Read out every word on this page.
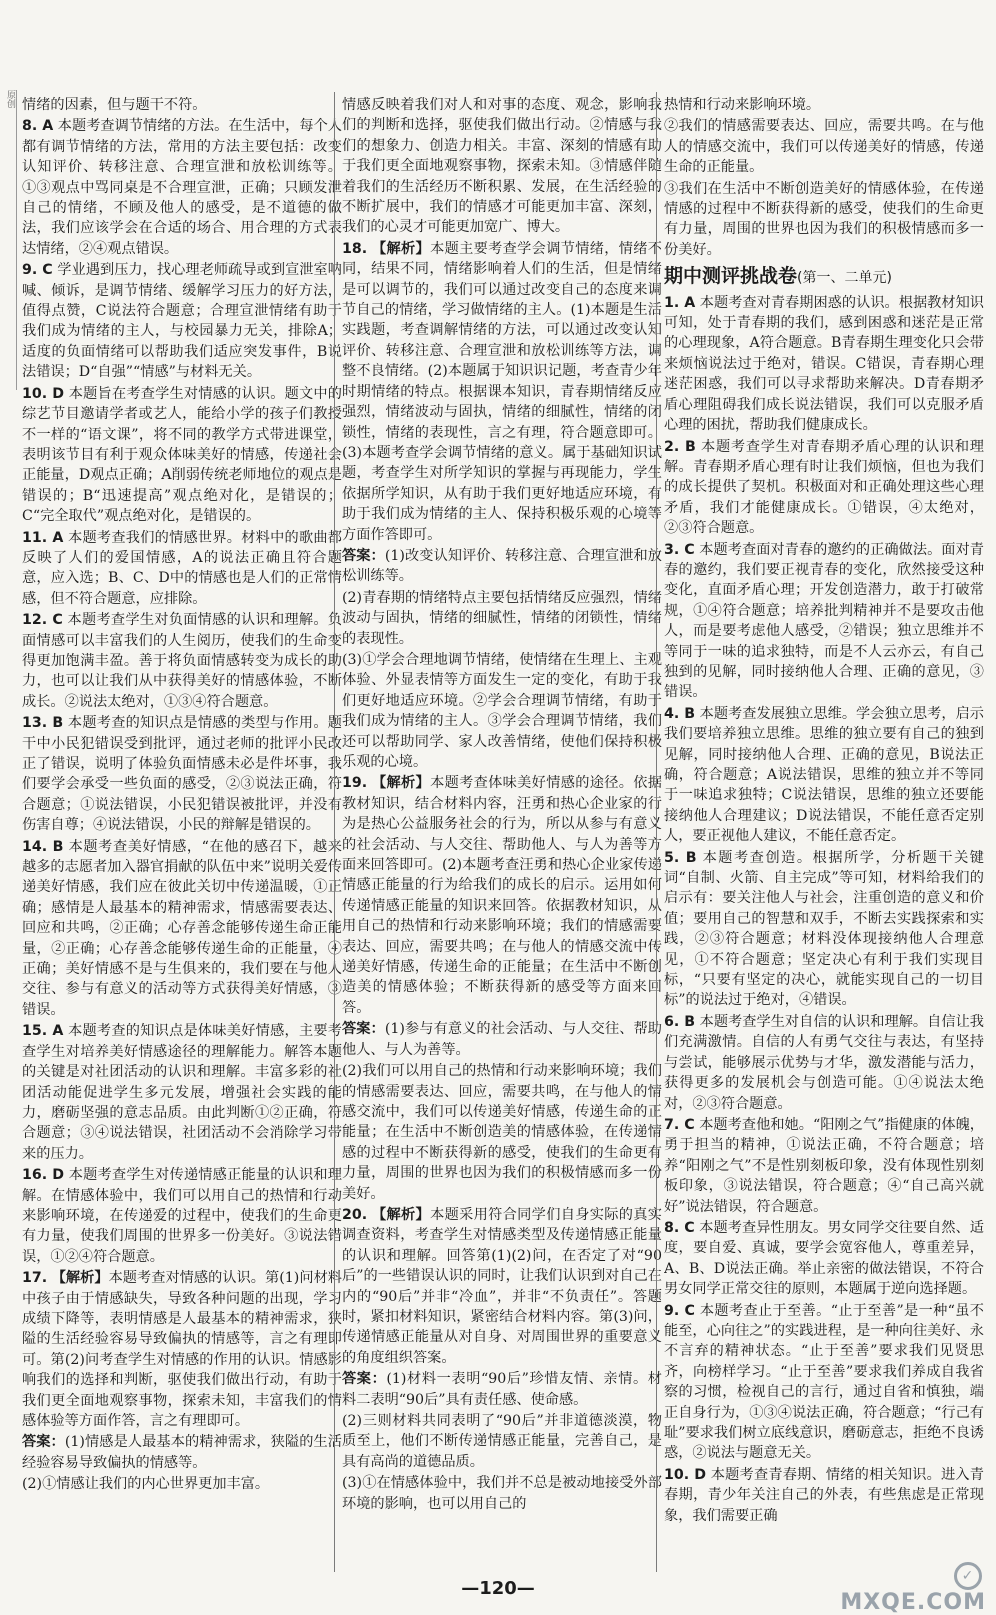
原创 情绪的因素，但与题干不符。
8. A 本题考查调节情绪的方法。在生活中，每个人都有调节情绪的方法，常用的方法主要包括：改变认知评价、转移注意、合理宣泄和放松训练等。①③观点中骂同桌是不合理宣泄，正确；只顾发泄自己的情绪，不顾及他人的感受，是不道德的做法，我们应该学会在合适的场合、用合理的方式表达情绪，②④观点错误。
9. C 学业遇到压力，找心理老师疏导或到宣泄室呐喊、倾诉，是调节情绪、缓解学习压力的好方法，值得点赞，C说法符合题意；合理宣泄情绪有助于我们成为情绪的主人，与校园暴力无关，排除A；适度的负面情绪可以帮助我们适应突发事件，B说法错误；D“自强”“情感”与材料无关。
10. D 本题旨在考查学生对情感的认识。题文中的综艺节目邀请学者或艺人，能给小学的孩子们教授不一样的“语文课”，将不同的教学方式带进课堂，表明该节目有利于观众体味美好的情感，传递社会正能量，D观点正确；A削弱传统老师地位的观点是错误的；B“迅速提高”观点绝对化，是错误的；C“完全取代”观点绝对化，是错误的。
11. A 本题考查我们的情感世界。材料中的歌曲都反映了人们的爱国情感，A的说法正确且符合题意，应入选；B、C、D中的情感也是人们的正常情感，但不符合题意，应排除。
12. C 本题考查学生对负面情感的认识和理解。负面情感可以丰富我们的人生阅历，使我们的生命变得更加饱满丰盈。善于将负面情感转变为成长的助力，也可以让我们从中获得美好的情感体验，不断成长。②说法太绝对，①③④符合题意。
13. B 本题考查的知识点是情感的类型与作用。题干中小民犯错误受到批评，通过老师的批评小民改正了错误，说明了体验负面情感未必是件坏事，我们要学会承受一些负面的感受，②③说法正确，符合题意；①说法错误，小民犯错误被批评，并没有伤害自尊；④说法错误，小民的辩解是错误的。
14. B 本题考查美好情感，“在他的感召下，越来越多的志愿者加入器官捐献的队伍中来”说明关爱传递美好情感，我们应在彼此关切中传递温暖，①正确；感情是人最基本的精神需求，情感需要表达、回应和共鸣，②正确；心存善念能够传递生命正能量，②正确；心存善念能够传递生命的正能量，④正确；美好情感不是与生俱来的，我们要在与他人交往、参与有意义的活动等方式获得美好情感，③错误。
15. A 本题考查的知识点是体味美好情感，主要考查学生对培养美好情感途径的理解能力。解答本题的关键是对社团活动的认识和理解。丰富多彩的社团活动能促进学生多元发展，增强社会实践的能力，磨砺坚强的意志品质。由此判断①②正确，符合题意；③④说法错误，社团活动不会消除学习带来的压力。
16. D 本题考查学生对传递情感正能量的认识和理解。在情感体验中，我们可以用自己的热情和行动来影响环境，在传递爱的过程中，使我们的生命更有力量，使我们周围的世界多一份美好。③说法错误，①②④符合题意。
17. 【解析】本题考查对情感的认识。第(1)问材料中孩子由于情感缺失，导致各种问题的出现，学习成绩下降等，表明情感是人最基本的精神需求，狭隘的生活经验容易导致偏执的情感等，言之有理即可。第(2)问考查学生对情感的作用的认识。情感影响我们的选择和判断，驱使我们做出行动，有助于我们更全面地观察事物，探索未知，丰富我们的情感体验等方面作答，言之有理即可。
答案：(1)情感是人最基本的精神需求，狭隘的生活经验容易导致偏执的情感等。
(2)①情感让我们的内心世界更加丰富。
情感反映着我们对人和对事的态度、观念，影响我们的判断和选择，驱使我们做出行动。②情感与我们的想象力、创造力相关。丰富、深刻的情感有助于我们更全面地观察事物，探索未知。③情感伴随着我们的生活经历不断积累、发展，在生活经验的不断扩展中，我们的情感才可能更加丰富、深刻，我们的心灵才可能更加宽广、博大。
18. 【解析】本题主要考查学会调节情绪，情绪不同，结果不同，情绪影响着人们的生活，但是情绪是可以调节的，我们可以通过改变自己的态度来调节自己的情绪，学习做情绪的主人。(1)本题是生活实践题，考查调解情绪的方法，可以通过改变认知评价、转移注意、合理宣泄和放松训练等方法，调整不良情绪。(2)本题属于知识识记题，考查青少年时期情绪的特点。根据课本知识，青春期情绪反应强烈，情绪波动与固执，情绪的细腻性，情绪的闭锁性，情绪的表现性，言之有理，符合题意即可。(3)本题考查学会调节情绪的意义。属于基础知识试题，考查学生对所学知识的掌握与再现能力，学生依据所学知识，从有助于我们更好地适应环境，有助于我们成为情绪的主人、保持积极乐观的心境等方面作答即可。
答案：(1)改变认知评价、转移注意、合理宣泄和放松训练等。
(2)青春期的情绪特点主要包括情绪反应强烈，情绪波动与固执，情绪的细腻性，情绪的闭锁性，情绪的表现性。
(3)①学会合理地调节情绪，使情绪在生理上、主观体验、外显表情等方面发生一定的变化，有助于我们更好地适应环境。②学会合理调节情绪，有助于我们成为情绪的主人。③学会合理调节情绪，我们还可以帮助同学、家人改善情绪，使他们保持积极乐观的心境。
19. 【解析】本题考查体味美好情感的途径。依据教材知识，结合材料内容，汪勇和热心企业家的行为是热心公益服务社会的行为，所以从参与有意义的社会活动、与人交往、帮助他人、与人为善等方面来回答即可。(2)本题考查汪勇和热心企业家传递情感正能量的行为给我们的成长的启示。运用如何传递情感正能量的知识来回答。依据教材知识，从用自己的热情和行动来影响环境；我们的情感需要表达、回应，需要共鸣；在与他人的情感交流中传递美好情感，传递生命的正能量；在生活中不断创造美的情感体验；不断获得新的感受等方面来回答。
答案：(1)参与有意义的社会活动、与人交往、帮助他人、与人为善等。
(2)我们可以用自己的热情和行动来影响环境；我们的情感需要表达、回应，需要共鸣，在与他人的情感交流中，我们可以传递美好情感，传递生命的正能量；在生活中不断创造美的情感体验，在传递情感的过程中不断获得新的感受，使我们的生命更有力量，周围的世界也因为我们的积极情感而多一份美好。
20. 【解析】本题采用符合同学们自身实际的真实调查资料，考查学生对情感类型及传递情感正能量的认识和理解。回答第(1)(2)问，在否定了对“90后”的一些错误认识的同时，让我们认识到对自己在内的“90后”并非“冷血”，并非“不负责任”。答题时，紧扣材料知识，紧密结合材料内容。第(3)问，传递情感正能量从对自身、对周围世界的重要意义的角度组织答案。
答案：(1)材料一表明“90后”珍惜友情、亲情。材料二表明“90后”具有责任感、使命感。
(2)三则材料共同表明了“90后”并非道德淡漠，物质至上，他们不断传递情感正能量，完善自己，是具有高尚的道德品质。
(3)①在情感体验中，我们并不总是被动地接受外部环境的影响，也可以用自己的
热情和行动来影响环境。
②我们的情感需要表达、回应，需要共鸣。在与他人的情感交流中，我们可以传递美好的情感，传递生命的正能量。
③我们在生活中不断创造美好的情感体验，在传递情感的过程中不断获得新的感受，使我们的生命更有力量，周围的世界也因为我们的积极情感而多一份美好。
期中测评挑战卷(第一、二单元)
1. A 本题考查对青春期困惑的认识。根据教材知识可知，处于青春期的我们，感到困惑和迷茫是正常的心理现象，A符合题意。B青春期生理变化只会带来烦恼说法过于绝对，错误。C错误，青春期心理迷茫困惑，我们可以寻求帮助来解决。D青春期矛盾心理阻碍我们成长说法错误，我们可以克服矛盾心理的困扰，帮助我们健康成长。
2. B 本题考查学生对青春期矛盾心理的认识和理解。青春期矛盾心理有时让我们烦恼，但也为我们的成长提供了契机。积极面对和正确处理这些心理矛盾，我们才能健康成长。①错误，④太绝对，②③符合题意。
3. C 本题考查面对青春的邀约的正确做法。面对青春的邀约，我们要正视青春的变化，欣然接受这种变化，直面矛盾心理；开发创造潜力，敢于打破常规，①④符合题意；培养批判精神并不是要攻击他人，而是要考虑他人感受，②错误；独立思维并不等同于一味的追求独特，而是不人云亦云，有自己独到的见解，同时接纳他人合理、正确的意见，③错误。
4. B 本题考查发展独立思维。学会独立思考，启示我们要培养独立思维。思维的独立要有自己的独到见解，同时接纳他人合理、正确的意见，B说法正确，符合题意；A说法错误，思维的独立并不等同于一味追求独特；C说法错误，思维的独立还要能接纳他人合理建议；D说法错误，不能任意否定别人，要正视他人建议，不能任意否定。
5. B 本题考查创造。根据所学，分析题干关键词“自制、火箭、自主完成”等可知，材料给我们的启示有：要关注他人与社会，注重创造的意义和价值；要用自己的智慧和双手，不断去实践探索和实践，②③符合题意；材料没体现接纳他人合理意见，①不符合题意；坚定决心有利于我们实现目标，“只要有坚定的决心，就能实现自己的一切目标”的说法过于绝对，④错误。
6. B 本题考查学生对自信的认识和理解。自信让我们充满激情。自信的人有勇气交往与表达，有坚持与尝试，能够展示优势与才华，激发潜能与活力，获得更多的发展机会与创造可能。①④说法太绝对，②③符合题意。
7. C 本题考查他和她。“阳刚之气”指健康的体魄，勇于担当的精神，①说法正确，不符合题意；培养“阳刚之气”不是性别刻板印象，没有体现性别刻板印象，③说法错误，符合题意；④“自己高兴就好”说法错误，符合题意。
8. C 本题考查异性朋友。男女同学交往要自然、适度，要自爱、真诚，要学会宽容他人，尊重差异，A、B、D说法正确。举止亲密的做法错误，不符合男女同学正常交往的原则，本题属于逆向选择题。
9. C 本题考查止于至善。“止于至善”是一种“虽不能至，心向往之”的实践进程，是一种向往美好、永不言弃的精神状态。“止于至善”要求我们见贤思齐，向榜样学习。“止于至善”要求我们养成自我省察的习惯，检视自己的言行，通过自省和慎独，端正自身行为，①③④说法正确，符合题意；“行己有耻”要求我们树立底线意识，磨砺意志，拒绝不良诱惑，②说法与题意无关。
10. D 本题考查青春期、情绪的相关知识。进入青春期，青少年关注自己的外表，有些焦虑是正常现象，我们需要正确
—120—
✓MXQE.COM
